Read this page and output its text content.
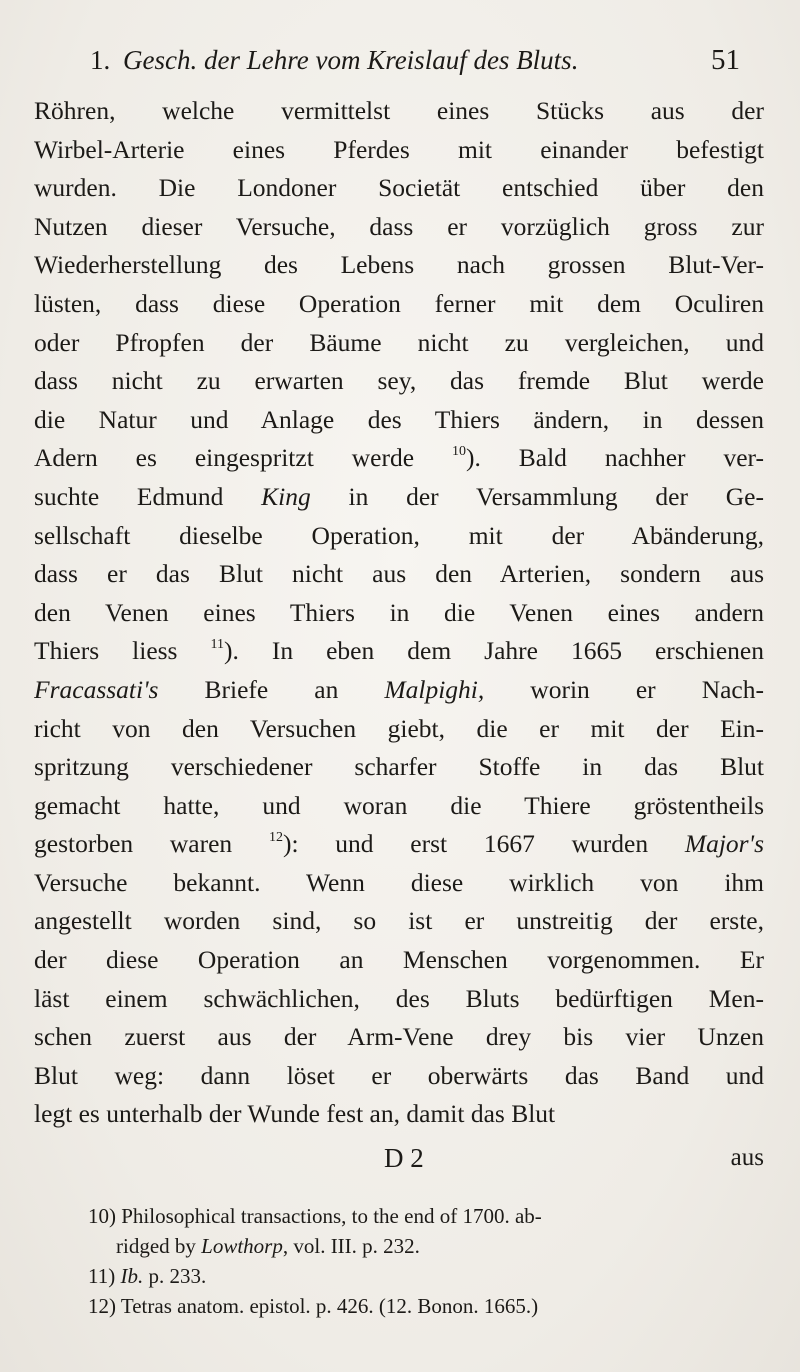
1. Gesch. der Lehre vom Kreislauf des Bluts.	51
Röhren, welche vermittelst eines Stücks aus der
Wirbel-Arterie eines Pferdes mit einander befestigt
wurden. Die Londoner Societät entschied über den
Nutzen dieser Versuche, dass er vorzüglich gross zur
Wiederherstellung des Lebens nach grossen Blut-Ver-
lüsten, dass diese Operation ferner mit dem Oculiren
oder Pfropfen der Bäume nicht zu vergleichen, und
dass nicht zu erwarten sey, das fremde Blut werde
die Natur und Anlage des Thiers ändern, in dessen
Adern es eingespritzt werde $^{10}$). Bald nachher ver-
suchte Edmund King in der Versammlung der Ge-
sellschaft dieselbe Operation, mit der Abänderung,
dass er das Blut nicht aus den Arterien, sondern aus
den Venen eines Thiers in die Venen eines andern
Thiers liess $^{11}$). In eben dem Jahre 1665 erschienen
Fracassati's Briefe an Malpighi, worin er Nach-
richt von den Versuchen giebt, die er mit der Ein-
spritzung verschiedener scharfer Stoffe in das Blut
gemacht hatte, und woran die Thiere gröstentheils
gestorben waren $^{12}$): und erst 1667 wurden Major's
Versuche bekannt. Wenn diese wirklich von ihm
angestellt worden sind, so ist er unstreitig der erste,
der diese Operation an Menschen vorgenommen. Er
läst einem schwächlichen, des Bluts bedürftigen Men-
schen zuerst aus der Arm-Vene drey bis vier Unzen
Blut weg: dann löset er oberwärts das Band und
legt es unterhalb der Wunde fest an, damit das Blut
D 2	aus
10) Philosophical transactions, to the end of 1700. ab-
ridged by Lowthorp, vol. III. p. 232.
11) Ib. p. 233.
12) Tetras anatom. epistol. p. 426. (12. Bonon. 1665.)
